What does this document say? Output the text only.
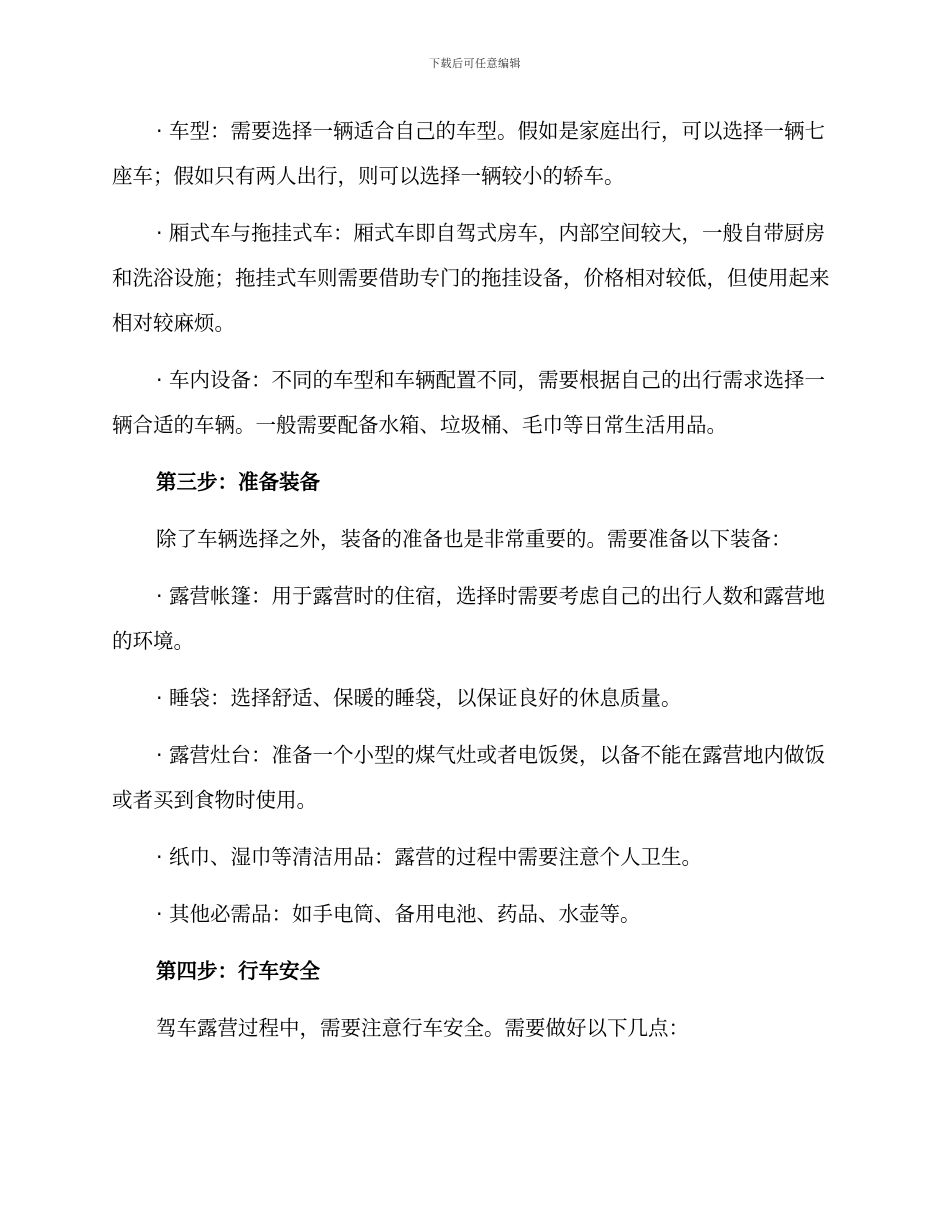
下载后可任意编辑

· 车型：需要选择一辆适合自己的车型。假如是家庭出行，可以选择一辆七座车；假如只有两人出行，则可以选择一辆较小的轿车。

· 厢式车与拖挂式车：厢式车即自驾式房车，内部空间较大，一般自带厨房和洗浴设施；拖挂式车则需要借助专门的拖挂设备，价格相对较低，但使用起来相对较麻烦。

· 车内设备：不同的车型和车辆配置不同，需要根据自己的出行需求选择一辆合适的车辆。一般需要配备水箱、垃圾桶、毛巾等日常生活用品。

第三步：准备装备

除了车辆选择之外，装备的准备也是非常重要的。需要准备以下装备：

· 露营帐篷：用于露营时的住宿，选择时需要考虑自己的出行人数和露营地的环境。

· 睡袋：选择舒适、保暖的睡袋，以保证良好的休息质量。

· 露营灶台：准备一个小型的煤气灶或者电饭煲，以备不能在露营地内做饭或者买到食物时使用。

· 纸巾、湿巾等清洁用品：露营的过程中需要注意个人卫生。

· 其他必需品：如手电筒、备用电池、药品、水壶等。

第四步：行车安全

驾车露营过程中，需要注意行车安全。需要做好以下几点：
